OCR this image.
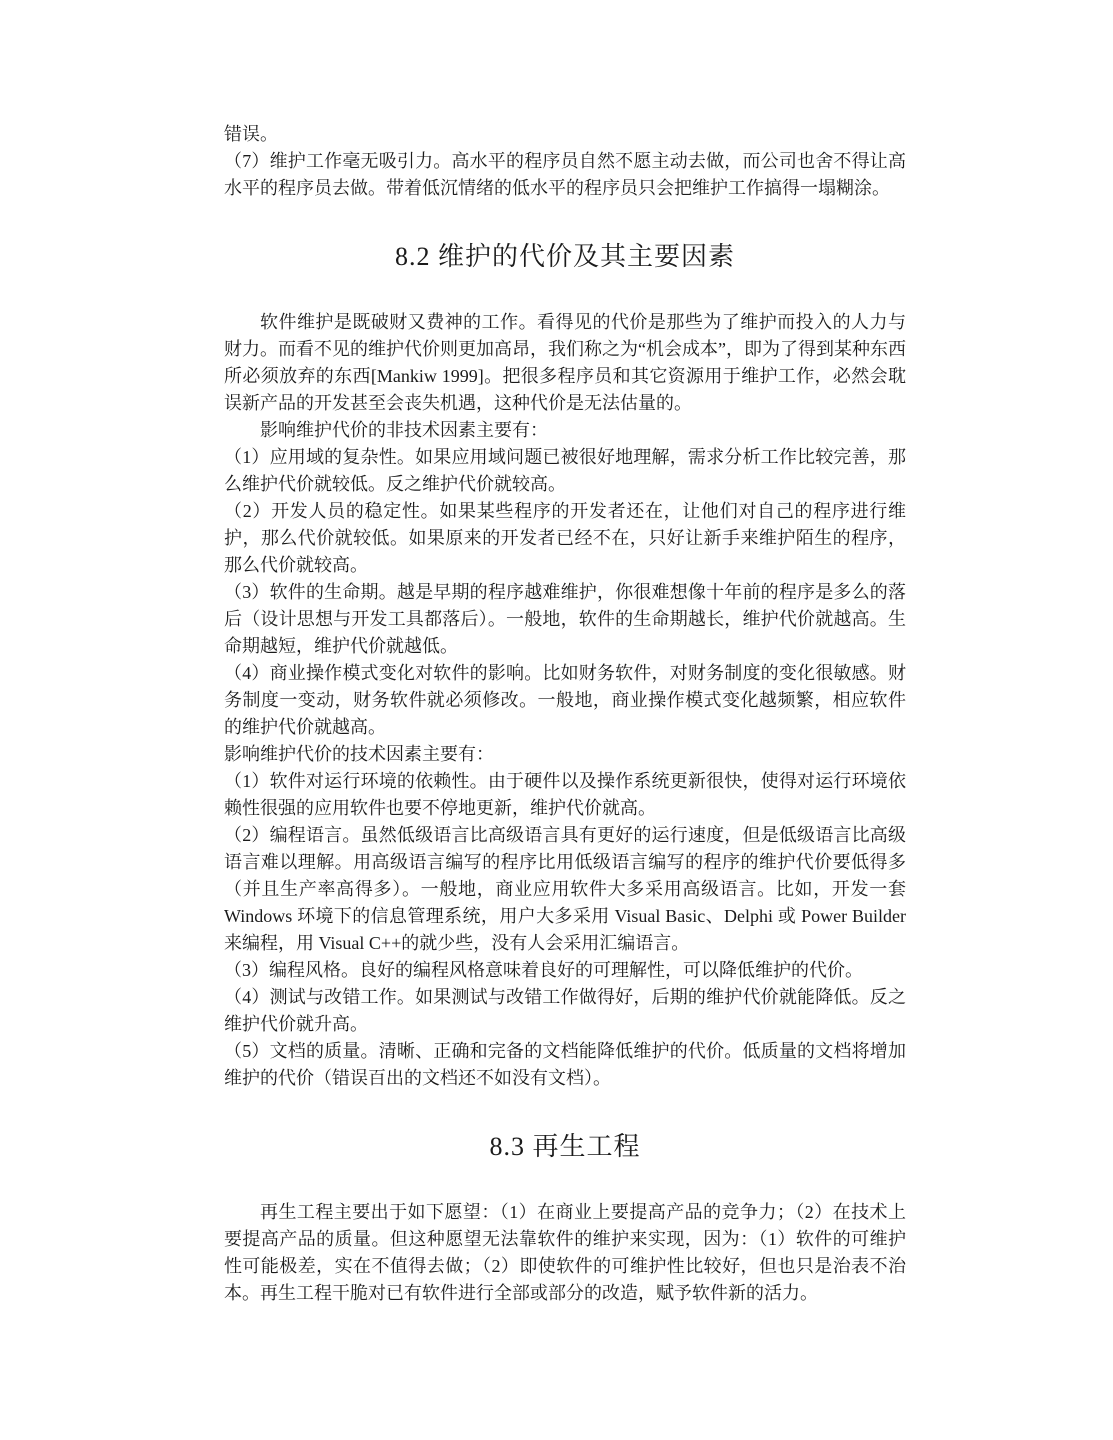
错误。

（7）维护工作毫无吸引力。高水平的程序员自然不愿主动去做，而公司也舍不得让高水平的程序员去做。带着低沉情绪的低水平的程序员只会把维护工作搞得一塌糊涂。

8.2 维护的代价及其主要因素

软件维护是既破财又费神的工作。看得见的代价是那些为了维护而投入的人力与财力。而看不见的维护代价则更加高昂，我们称之为“机会成本”，即为了得到某种东西所必须放弃的东西[Mankiw 1999]。把很多程序员和其它资源用于维护工作，必然会耽误新产品的开发甚至会丧失机遇，这种代价是无法估量的。

影响维护代价的非技术因素主要有：

（1）应用域的复杂性。如果应用域问题已被很好地理解，需求分析工作比较完善，那么维护代价就较低。反之维护代价就较高。

（2）开发人员的稳定性。如果某些程序的开发者还在，让他们对自己的程序进行维护，那么代价就较低。如果原来的开发者已经不在，只好让新手来维护陌生的程序，那么代价就较高。

（3）软件的生命期。越是早期的程序越难维护，你很难想像十年前的程序是多么的落后（设计思想与开发工具都落后）。一般地，软件的生命期越长，维护代价就越高。生命期越短，维护代价就越低。

（4）商业操作模式变化对软件的影响。比如财务软件，对财务制度的变化很敏感。财务制度一变动，财务软件就必须修改。一般地，商业操作模式变化越频繁，相应软件的维护代价就越高。

影响维护代价的技术因素主要有：

（1）软件对运行环境的依赖性。由于硬件以及操作系统更新很快，使得对运行环境依赖性很强的应用软件也要不停地更新，维护代价就高。

（2）编程语言。虽然低级语言比高级语言具有更好的运行速度，但是低级语言比高级语言难以理解。用高级语言编写的程序比用低级语言编写的程序的维护代价要低得多（并且生产率高得多）。一般地，商业应用软件大多采用高级语言。比如，开发一套 Windows 环境下的信息管理系统，用户大多采用 Visual Basic、Delphi 或 Power Builder 来编程，用 Visual C++的就少些，没有人会采用汇编语言。

（3）编程风格。良好的编程风格意味着良好的可理解性，可以降低维护的代价。

（4）测试与改错工作。如果测试与改错工作做得好，后期的维护代价就能降低。反之维护代价就升高。

（5）文档的质量。清晰、正确和完备的文档能降低维护的代价。低质量的文档将增加维护的代价（错误百出的文档还不如没有文档）。

8.3 再生工程

再生工程主要出于如下愿望：（1）在商业上要提高产品的竞争力；（2）在技术上要提高产品的质量。但这种愿望无法靠软件的维护来实现，因为：（1）软件的可维护性可能极差，实在不值得去做；（2）即使软件的可维护性比较好，但也只是治表不治本。再生工程干脆对已有软件进行全部或部分的改造，赋予软件新的活力。
